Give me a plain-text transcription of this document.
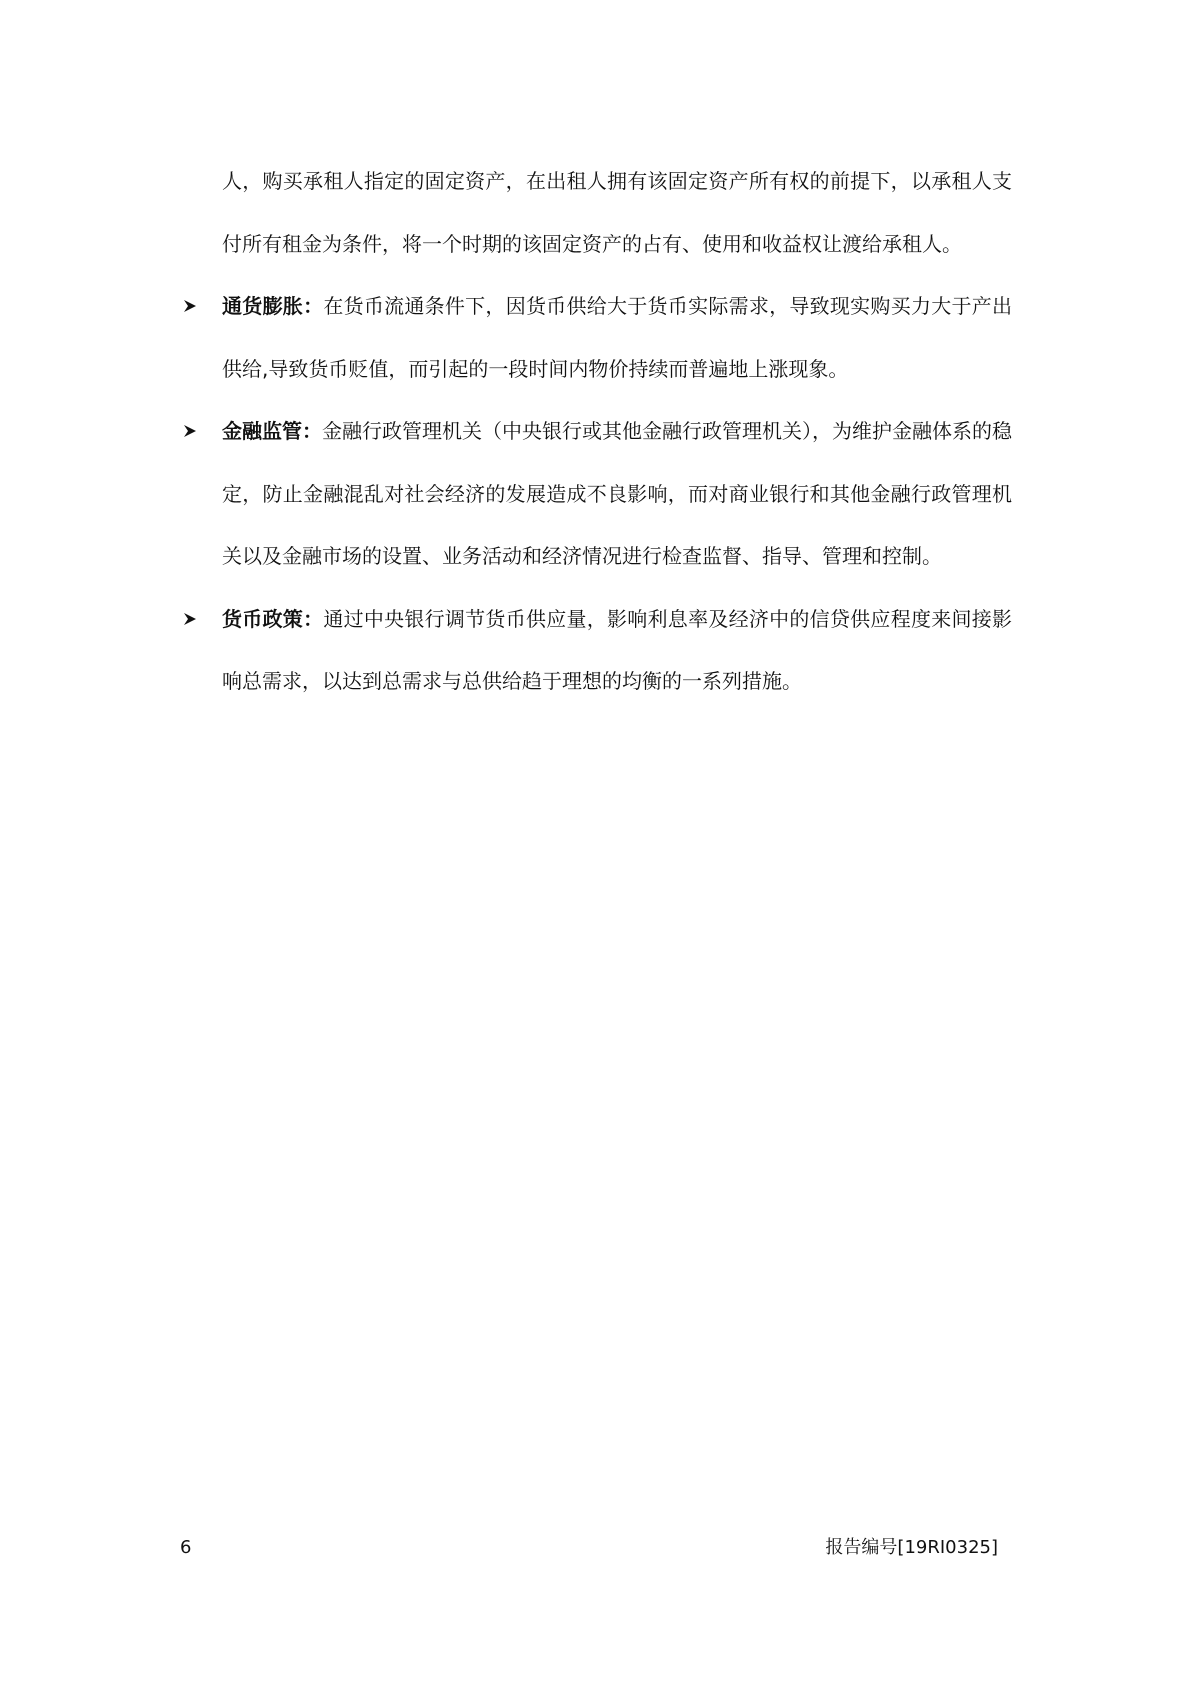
人，购买承租人指定的固定资产，在出租人拥有该固定资产所有权的前提下，以承租人支付所有租金为条件，将一个时期的该固定资产的占有、使用和收益权让渡给承租人。

通货膨胀：在货币流通条件下，因货币供给大于货币实际需求，导致现实购买力大于产出供给,导致货币贬值，而引起的一段时间内物价持续而普遍地上涨现象。

金融监管：金融行政管理机关（中央银行或其他金融行政管理机关），为维护金融体系的稳定，防止金融混乱对社会经济的发展造成不良影响，而对商业银行和其他金融行政管理机关以及金融市场的设置、业务活动和经济情况进行检查监督、指导、管理和控制。

货币政策：通过中央银行调节货币供应量，影响利息率及经济中的信贷供应程度来间接影响总需求，以达到总需求与总供给趋于理想的均衡的一系列措施。

6	报告编号[19RI0325]
